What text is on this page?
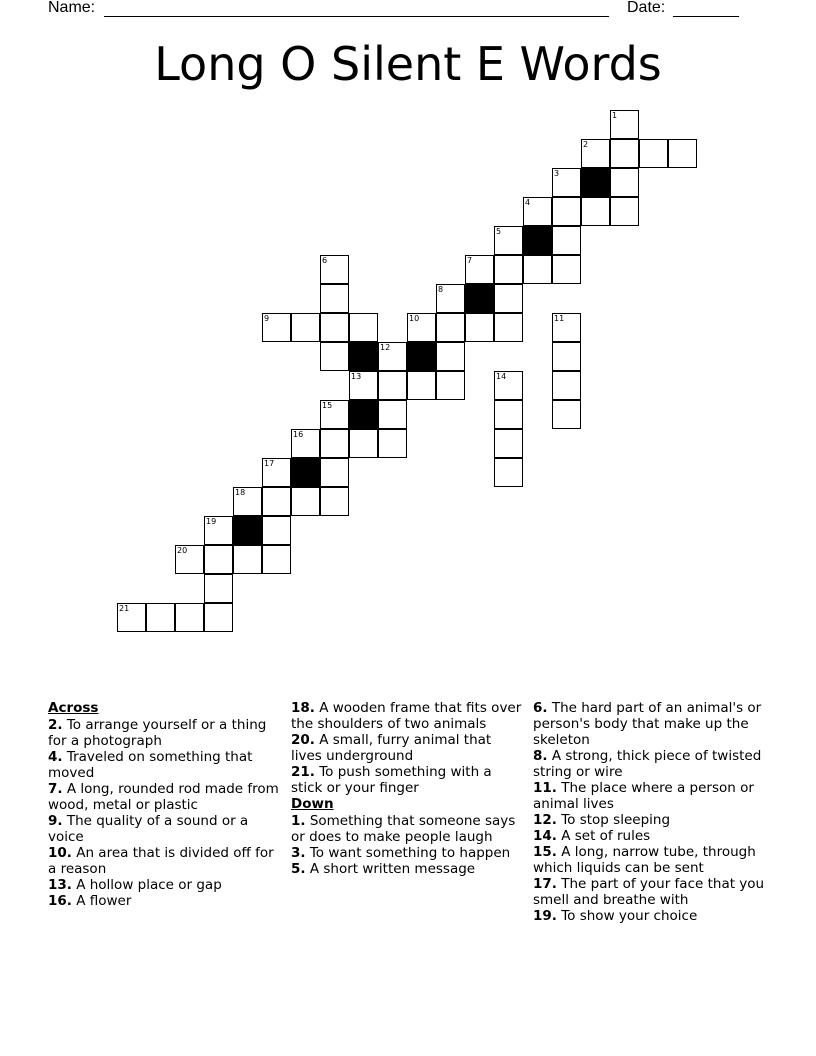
Name:	Date:
Long O Silent E Words
1
2
3
4
5
6	7
8
9	10	11
12
13	14
15
16
17
18
19
20
21
Across
2. To arrange yourself or a thing for a photograph
4. Traveled on something that moved
7. A long, rounded rod made from wood, metal or plastic
9. The quality of a sound or a voice
10. An area that is divided off for a reason
13. A hollow place or gap
16. A flower
18. A wooden frame that fits over the shoulders of two animals
20. A small, furry animal that lives underground
21. To push something with a stick or your finger
Down
1. Something that someone says or does to make people laugh
3. To want something to happen
5. A short written message
6. The hard part of an animal's or person's body that make up the skeleton
8. A strong, thick piece of twisted string or wire
11. The place where a person or animal lives
12. To stop sleeping
14. A set of rules
15. A long, narrow tube, through which liquids can be sent
17. The part of your face that you smell and breathe with
19. To show your choice
